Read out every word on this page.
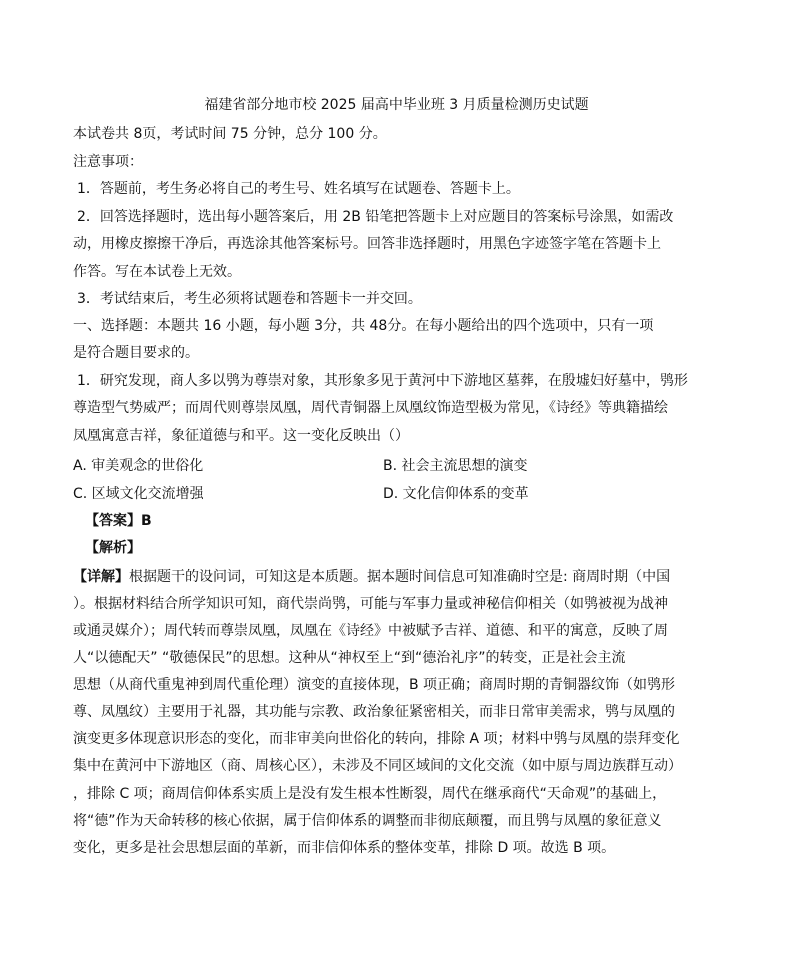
福建省部分地市校 2025 届高中毕业班 3 月质量检测历史试题
本试卷共 8页，考试时间 75 分钟，总分 100 分。
注意事项：
1．答题前，考生务必将自己的考生号、姓名填写在试题卷、答题卡上。
2．回答选择题时，选出每小题答案后，用 2B 铅笔把答题卡上对应题目的答案标号涂黑，如需改
动，用橡皮擦擦干净后，再选涂其他答案标号。回答非选择题时，用黑色字迹签字笔在答题卡上
作答。写在本试卷上无效。
3．考试结束后，考生必须将试题卷和答题卡一并交回。
一、选择题：本题共 16 小题，每小题 3分，共 48分。在每小题给出的四个选项中，只有一项
是符合题目要求的。
1．研究发现，商人多以鸮为尊崇对象，其形象多见于黄河中下游地区墓葬，在殷墟妇好墓中，鸮形
尊造型气势威严；而周代则尊崇凤凰，周代青铜器上凤凰纹饰造型极为常见，《诗经》等典籍描绘
凤凰寓意吉祥，象征道德与和平。这一变化反映出（）
A. 审美观念的世俗化	B. 社会主流思想的演变
C. 区域文化交流增强	D. 文化信仰体系的变革
【答案】B
【解析】
【详解】根据题干的设问词，可知这是本质题。据本题时间信息可知准确时空是: 商周时期（中国
）。根据材料结合所学知识可知，商代崇尚鸮，可能与军事力量或神秘信仰相关（如鸮被视为战神
或通灵媒介）；周代转而尊崇凤凰，凤凰在《诗经》中被赋予吉祥、道德、和平的寓意，反映了周
人“以德配天” “敬德保民”的思想。这种从“神权至上“到“德治礼序”的转变，正是社会主流
思想（从商代重鬼神到周代重伦理）演变的直接体现，B 项正确；商周时期的青铜器纹饰（如鸮形
尊、凤凰纹）主要用于礼器，其功能与宗教、政治象征紧密相关，而非日常审美需求，鸮与凤凰的
演变更多体现意识形态的变化，而非审美向世俗化的转向，排除 A 项；材料中鸮与凤凰的崇拜变化
集中在黄河中下游地区（商、周核心区），未涉及不同区域间的文化交流（如中原与周边族群互动）
，排除 C 项；商周信仰体系实质上是没有发生根本性断裂，周代在继承商代“天命观”的基础上，
将“德”作为天命转移的核心依据，属于信仰体系的调整而非彻底颠覆，而且鸮与凤凰的象征意义
变化，更多是社会思想层面的革新，而非信仰体系的整体变革，排除 D 项。故选 B 项。
